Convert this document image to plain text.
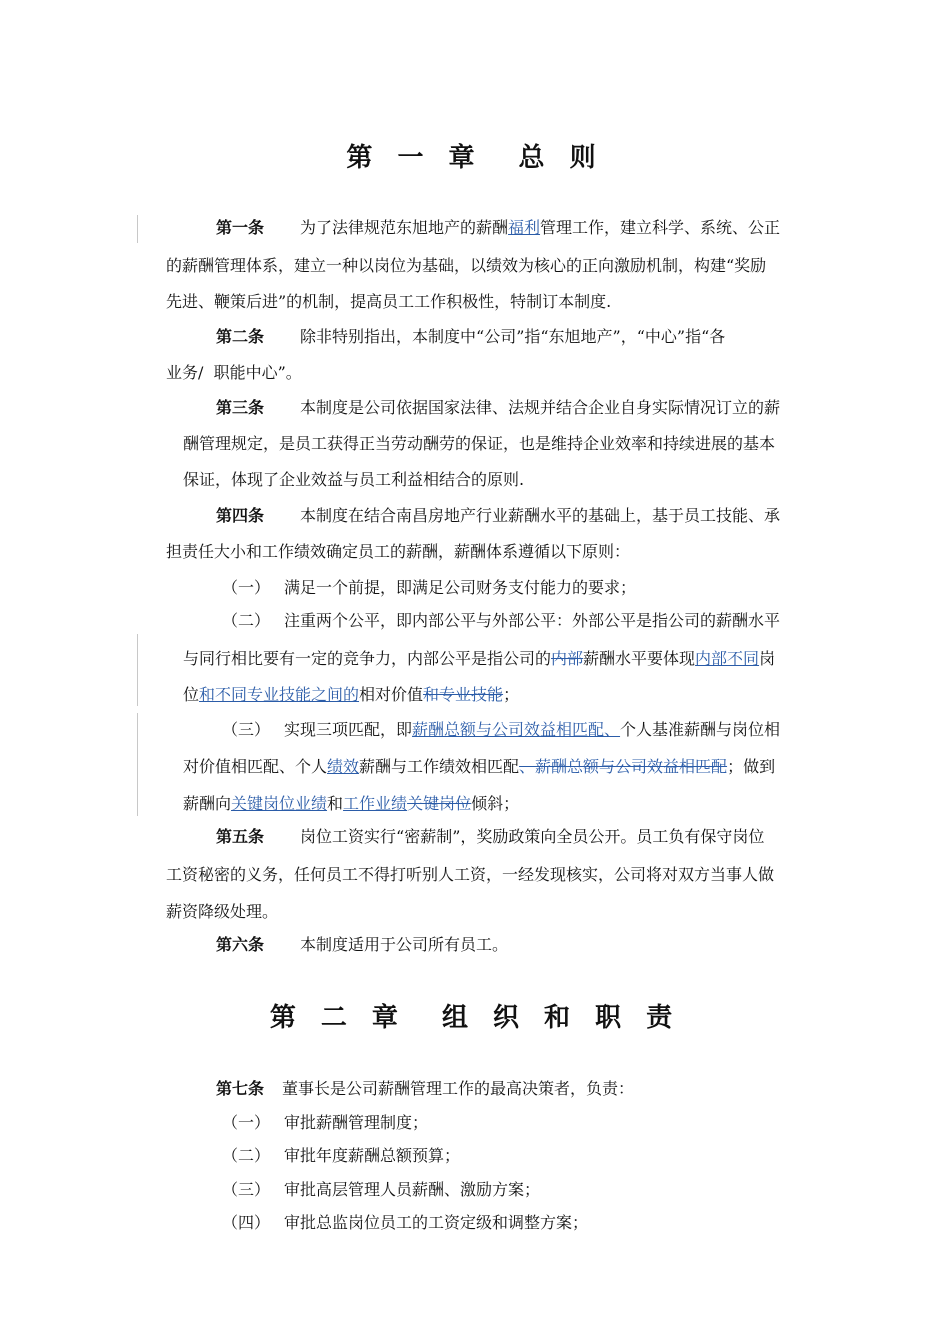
第 一 章 总 则
第一条 为了法律规范东旭地产的薪酬福利管理工作，建立科学、系统、公正
的薪酬管理体系，建立一种以岗位为基础，以绩效为核心的正向激励机制，构建“奖励
先进、鞭策后进”的机制，提高员工工作积极性，特制订本制度.
第二条 除非特别指出，本制度中“公司”指“东旭地产”，“中心”指“各
业务/  职能中心”。
第三条 本制度是公司依据国家法律、法规并结合企业自身实际情况订立的薪
酬管理规定，是员工获得正当劳动酬劳的保证，也是维持企业效率和持续进展的基本
保证，体现了企业效益与员工利益相结合的原则.
第四条 本制度在结合南昌房地产行业薪酬水平的基础上，基于员工技能、承
担责任大小和工作绩效确定员工的薪酬，薪酬体系遵循以下原则：
（一） 满足一个前提，即满足公司财务支付能力的要求；
（二） 注重两个公平，即内部公平与外部公平：外部公平是指公司的薪酬水平
与同行相比要有一定的竞争力，内部公平是指公司的内部薪酬水平要体现内部不同岗
位和不同专业技能之间的相对价值和专业技能；
（三） 实现三项匹配，即薪酬总额与公司效益相匹配、个人基准薪酬与岗位相
对价值相匹配、个人绩效薪酬与工作绩效相匹配、薪酬总额与公司效益相匹配；做到
薪酬向关键岗位业绩和工作业绩关键岗位倾斜；
第五条 岗位工资实行“密薪制”，奖励政策向全员公开。员工负有保守岗位
工资秘密的义务，任何员工不得打听别人工资，一经发现核实，公司将对双方当事人做
薪资降级处理。
第六条 本制度适用于公司所有员工。
第 二 章 组 织 和 职 责
第七条 董事长是公司薪酬管理工作的最高决策者，负责：
（一） 审批薪酬管理制度；
（二） 审批年度薪酬总额预算；
（三） 审批高层管理人员薪酬、激励方案；
（四） 审批总监岗位员工的工资定级和调整方案；
